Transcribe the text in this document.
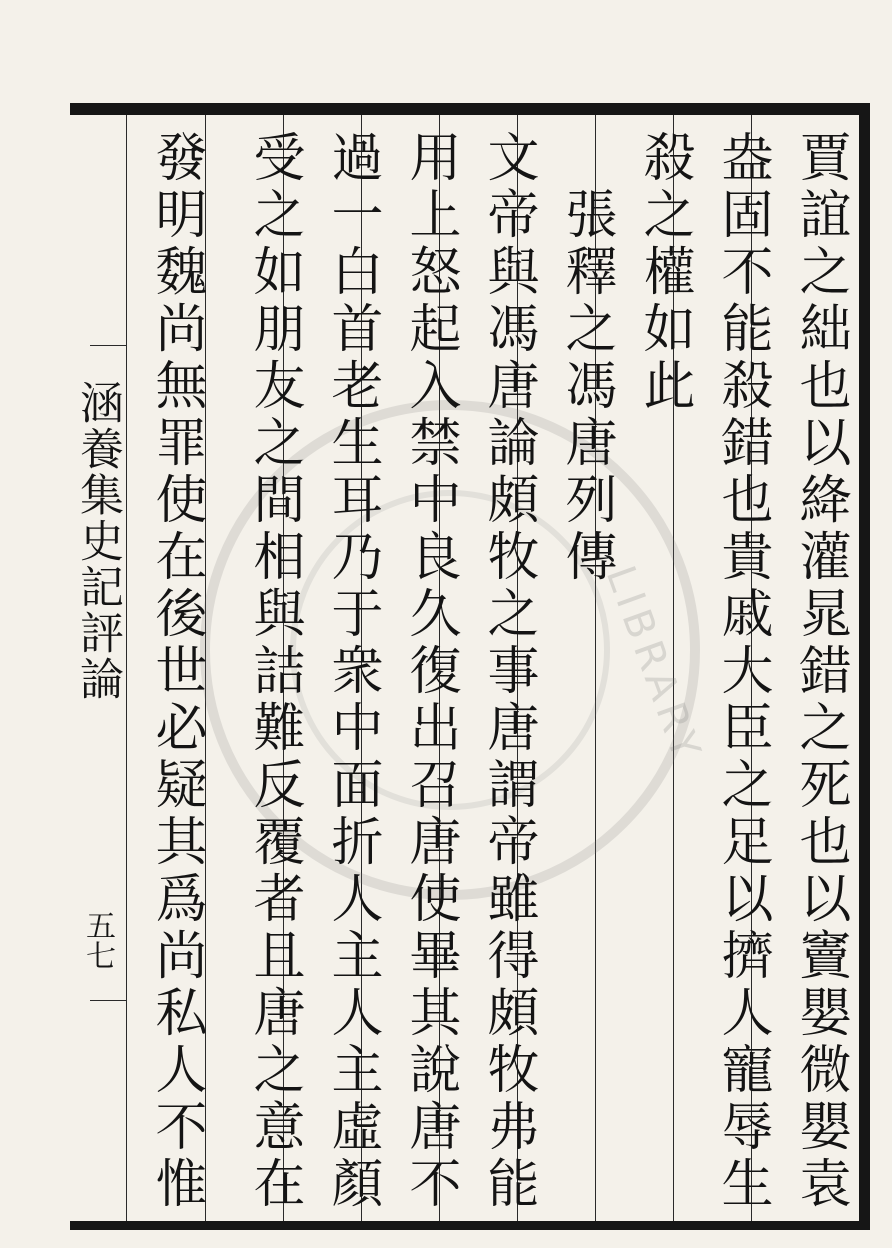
LIBRARY 賈誼之絀也以絳灌晁錯之死也以竇嬰微嬰袁
盎固不能殺錯也貴戚大臣之足以擠人寵辱生
殺之權如此
　張釋之馮唐列傳
文帝與馮唐論頗牧之事唐謂帝雖得頗牧弗能
用上怒起入禁中良久復出召唐使畢其說唐不
過一白首老生耳乃于衆中面折人主人主虛顏
受之如朋友之間相與詰難反覆者且唐之意在
發明魏尚無罪使在後世必疑其爲尚私人不惟
涵養集史記評論
五七
